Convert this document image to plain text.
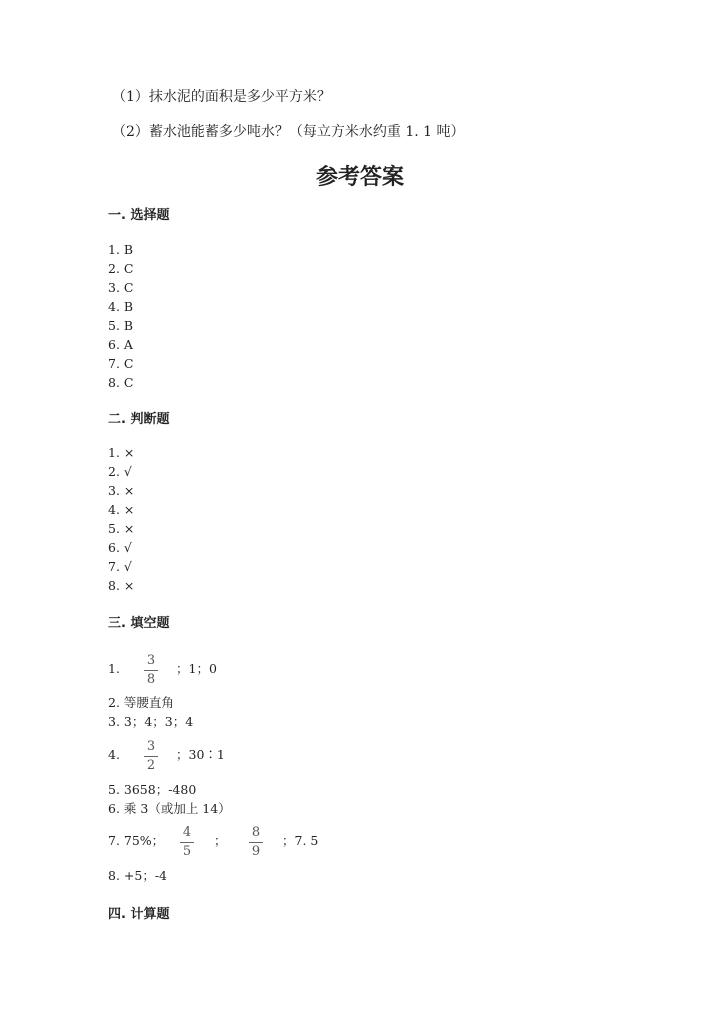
（1）抹水泥的面积是多少平方米？
（2）蓄水池能蓄多少吨水？（每立方米水约重 1. 1 吨）
参考答案
一. 选择题
1. B
2. C
3. C
4. B
5. B
6. A
7. C
8. C
二. 判断题
1. ×
2. √
3. ×
4. ×
5. ×
6. √
7. √
8. ×
三. 填空题
1.
3
8
；1；0
2. 等腰直角
3. 3；4；3；4
4.
3
2
；30∶1
5. 3658；-480
6. 乘 3（或加上 14）
7. 75%；
4
5
；
8
9
；7. 5
8. +5；-4
四. 计算题
